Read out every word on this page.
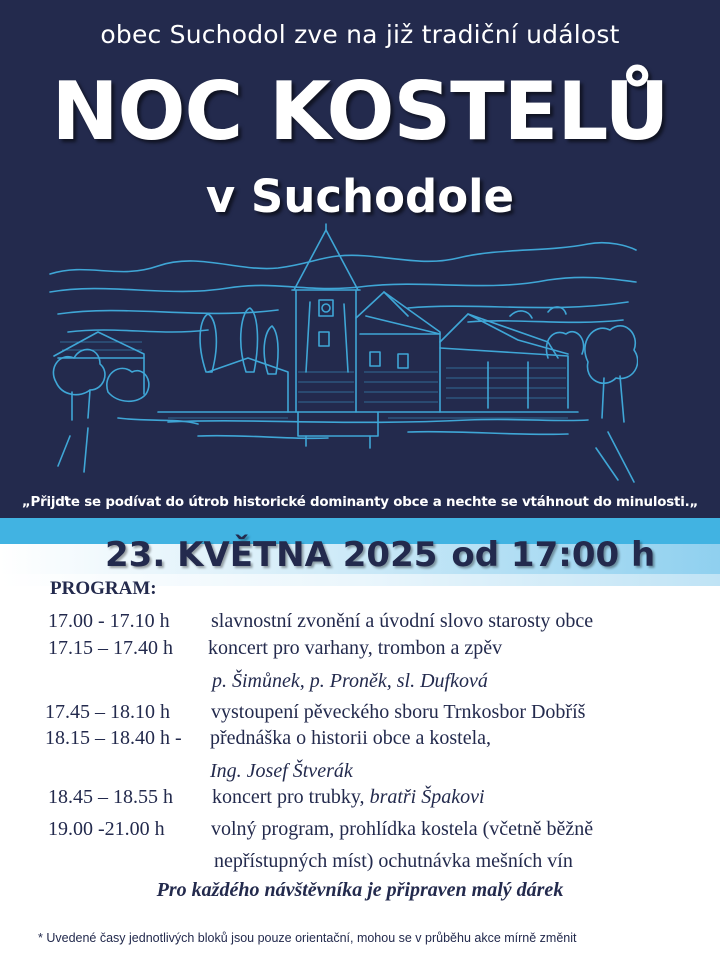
obec Suchodol zve na již tradiční událost
NOC KOSTELŮ
v Suchodole
„Přijďte se podívat do útrob historické dominanty obce a nechte se vtáhnout do minulosti.„
23. KVĚTNA 2025 od 17:00 h
PROGRAM:
17.00 - 17.10 h slavnostní zvonění a úvodní slovo starosty obce
17.15 – 17.40 h koncert pro varhany, trombon a zpěv
p. Šimůnek, p. Proněk, sl. Dufková
17.45 – 18.10 h vystoupení pěveckého sboru Trnkosbor Dobříš
18.15 – 18.40 h - přednáška o historii obce a kostela,
Ing. Josef Štverák
18.45 – 18.55 h koncert pro trubky, bratři Špakovi
19.00 -21.00 h volný program, prohlídka kostela (včetně běžně
nepřístupných míst) ochutnávka mešních vín
Pro každého návštěvníka je připraven malý dárek
* Uvedené časy jednotlivých bloků jsou pouze orientační, mohou se v průběhu akce mírně změnit
